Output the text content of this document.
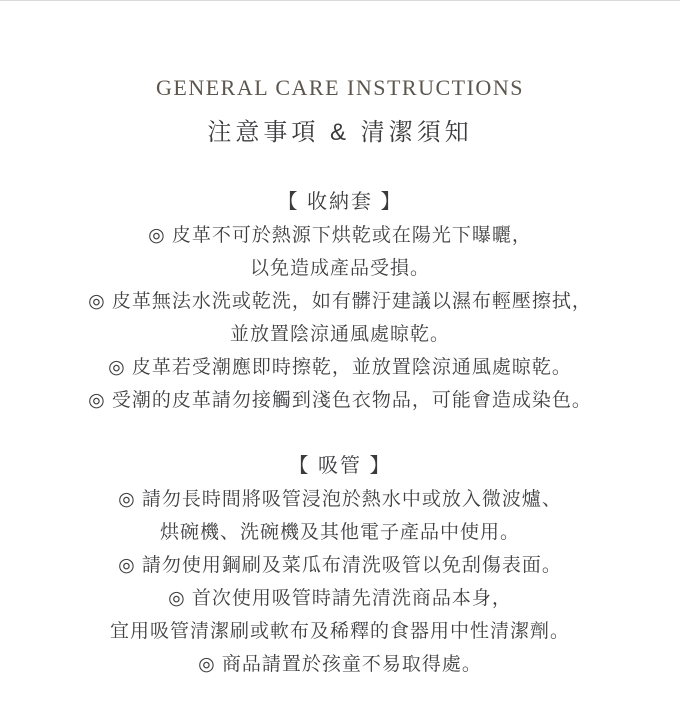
GENERAL CARE INSTRUCTIONS
注意事項 & 清潔須知
【 收納套 】
◎ 皮革不可於熱源下烘乾或在陽光下曝曬，
以免造成產品受損。
◎ 皮革無法水洗或乾洗，如有髒汙建議以濕布輕壓擦拭，
並放置陰涼通風處晾乾。
◎ 皮革若受潮應即時擦乾，並放置陰涼通風處晾乾。
◎ 受潮的皮革請勿接觸到淺色衣物品，可能會造成染色。
【 吸管 】
◎ 請勿長時間將吸管浸泡於熱水中或放入微波爐、
烘碗機、洗碗機及其他電子產品中使用。
◎ 請勿使用鋼刷及菜瓜布清洗吸管以免刮傷表面。
◎ 首次使用吸管時請先清洗商品本身，
宜用吸管清潔刷或軟布及稀釋的食器用中性清潔劑。
◎ 商品請置於孩童不易取得處。
